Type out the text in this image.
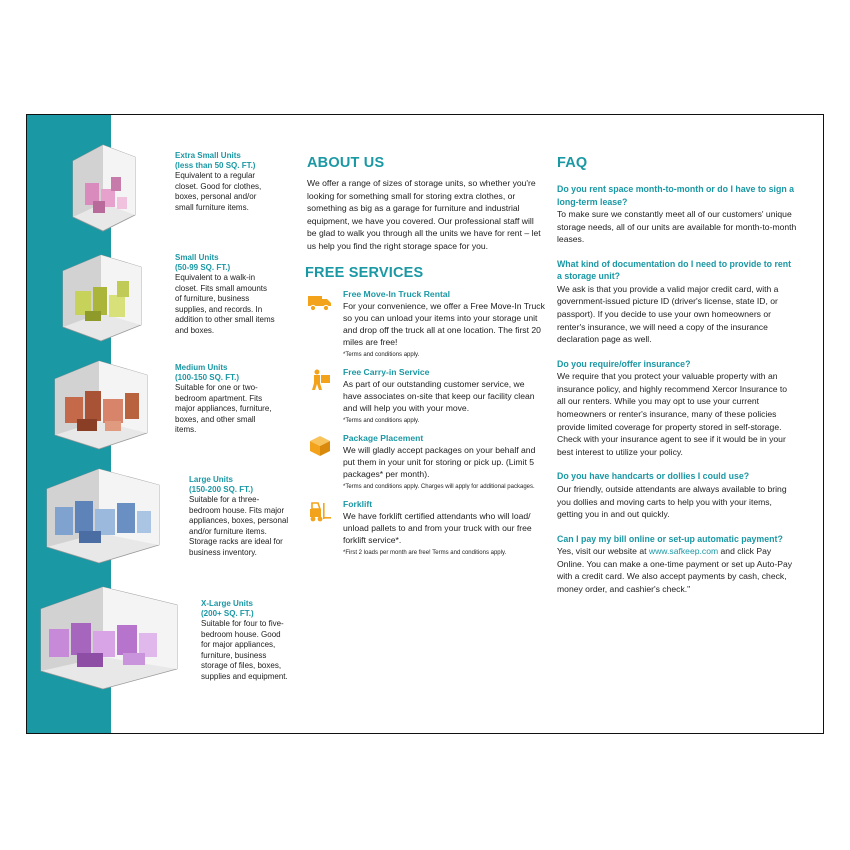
Extra Small Units
(less than 50 SQ. FT.)
Equivalent to a regular closet. Good for clothes, boxes, personal and/or small furniture items.
Small Units
(50-99 SQ. FT.)
Equivalent to a walk-in closet. Fits small amounts of furniture, business supplies, and records. In addition to other small items and boxes.
Medium Units
(100-150 SQ. FT.)
Suitable for one or two-bedroom apartment. Fits major appliances, furniture, boxes, and other small items.
Large Units
(150-200 SQ. FT.)
Suitable for a three-bedroom house. Fits major appliances, boxes, personal and/or furniture items. Storage racks are ideal for business inventory.
X-Large Units
(200+ SQ. FT.)
Suitable for four to five-bedroom house. Good for major appliances, furniture, business storage of files, boxes, supplies and equipment.
ABOUT US

We offer a range of sizes of storage units, so whether you're looking for something small for storing extra clothes, or something as big as a garage for furniture and industrial equipment, we have you covered. Our professional staff will be glad to walk you through all the units we have for rent – let us help you find the right storage space for you.

FREE SERVICES
Free Move-In Truck Rental
For your convenience, we offer a Free Move-In Truck so you can unload your items into your storage unit and drop off the truck all at one location. The first 20 miles are free!
*Terms and conditions apply.
Free Carry-in Service
As part of our outstanding customer service, we have associates on-site that keep our facility clean and will help you with your move.
*Terms and conditions apply.
Package Placement
We will gladly accept packages on your behalf and put them in your unit for storing or pick up. (Limit 5 packages* per month).
*Terms and conditions apply. Charges will apply for additional packages.
Forklift
We have forklift certified attendants who will load/ unload pallets to and from your truck with our free forklift service*.
*First 2 loads per month are free! Terms and conditions apply.
FAQ
Do you rent space month-to-month or do I have to sign a long-term lease?
To make sure we constantly meet all of our customers' unique storage needs, all of our units are available for month-to-month leases.
What kind of documentation do I need to provide to rent a storage unit?
We ask is that you provide a valid major credit card, with a government-issued picture ID (driver's license, state ID, or passport). If you decide to use your own homeowners or renter's insurance, we will need a copy of the insurance declaration page as well.
Do you require/offer insurance?
We require that you protect your valuable property with an insurance policy, and highly recommend Xercor Insurance to all our renters. While you may opt to use your current homeowners or renter's insurance, many of these policies provide limited coverage for property stored in self-storage. Check with your insurance agent to see if it would be in your best interest to utilize your policy.
Do you have handcarts or dollies I could use?
Our friendly, outside attendants are always available to bring you dollies and moving carts to help you with your items, getting you in and out quickly.
Can I pay my bill online or set-up automatic payment?
Yes, visit our website at www.safkeep.com and click Pay Online. You can make a one-time payment or set up Auto-Pay with a credit card. We also accept payments by cash, check, money order, and cashier's check."
